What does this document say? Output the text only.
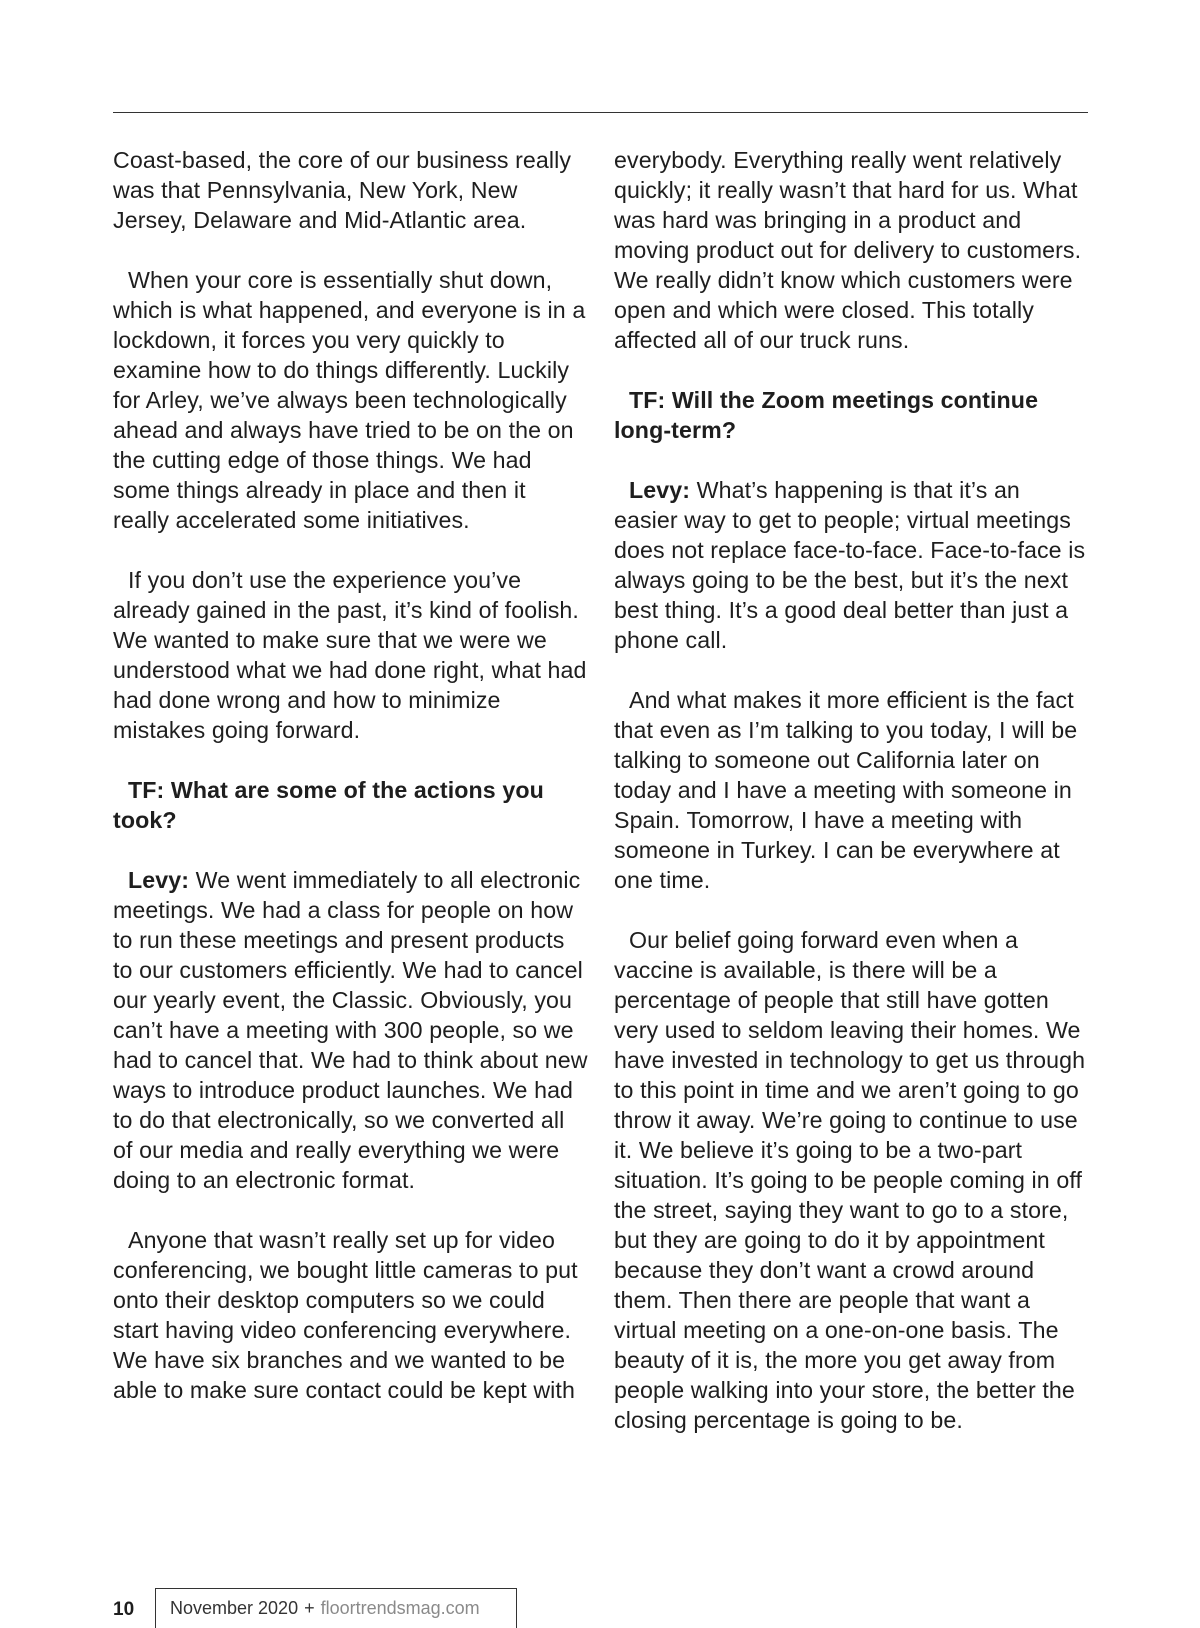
Coast-based, the core of our business really was that Pennsylvania, New York, New Jersey, Delaware and Mid-Atlantic area.

When your core is essentially shut down, which is what happened, and everyone is in a lockdown, it forces you very quickly to examine how to do things differently. Luckily for Arley, we’ve always been technologically ahead and always have tried to be on the on the cutting edge of those things. We had some things already in place and then it really accelerated some initiatives.

If you don’t use the experience you’ve already gained in the past, it’s kind of foolish. We wanted to make sure that we were we understood what we had done right, what had had done wrong and how to minimize mistakes going forward.

TF: What are some of the actions you took?

Levy: We went immediately to all electronic meetings. We had a class for people on how to run these meetings and present products to our customers efficiently. We had to cancel our yearly event, the Classic. Obviously, you can’t have a meeting with 300 people, so we had to cancel that. We had to think about new ways to introduce product launches. We had to do that electronically, so we converted all of our media and really everything we were doing to an electronic format.

Anyone that wasn’t really set up for video conferencing, we bought little cameras to put onto their desktop computers so we could start having video conferencing everywhere. We have six branches and we wanted to be able to make sure contact could be kept with

everybody. Everything really went relatively quickly; it really wasn’t that hard for us. What was hard was bringing in a product and moving product out for delivery to customers. We really didn’t know which customers were open and which were closed. This totally affected all of our truck runs.

TF: Will the Zoom meetings continue long-term?

Levy: What’s happening is that it’s an easier way to get to people; virtual meetings does not replace face-to-face. Face-to-face is always going to be the best, but it’s the next best thing. It’s a good deal better than just a phone call.

And what makes it more efficient is the fact that even as I’m talking to you today, I will be talking to someone out California later on today and I have a meeting with someone in Spain. Tomorrow, I have a meeting with someone in Turkey. I can be everywhere at one time.

Our belief going forward even when a vaccine is available, is there will be a percentage of people that still have gotten very used to seldom leaving their homes. We have invested in technology to get us through to this point in time and we aren’t going to go throw it away. We’re going to continue to use it. We believe it’s going to be a two-part situation. It’s going to be people coming in off the street, saying they want to go to a store, but they are going to do it by appointment because they don’t want a crowd around them. Then there are people that want a virtual meeting on a one-on-one basis. The beauty of it is, the more you get away from people walking into your store, the better the closing percentage is going to be.

10 November 2020 + floortrendsmag.com
